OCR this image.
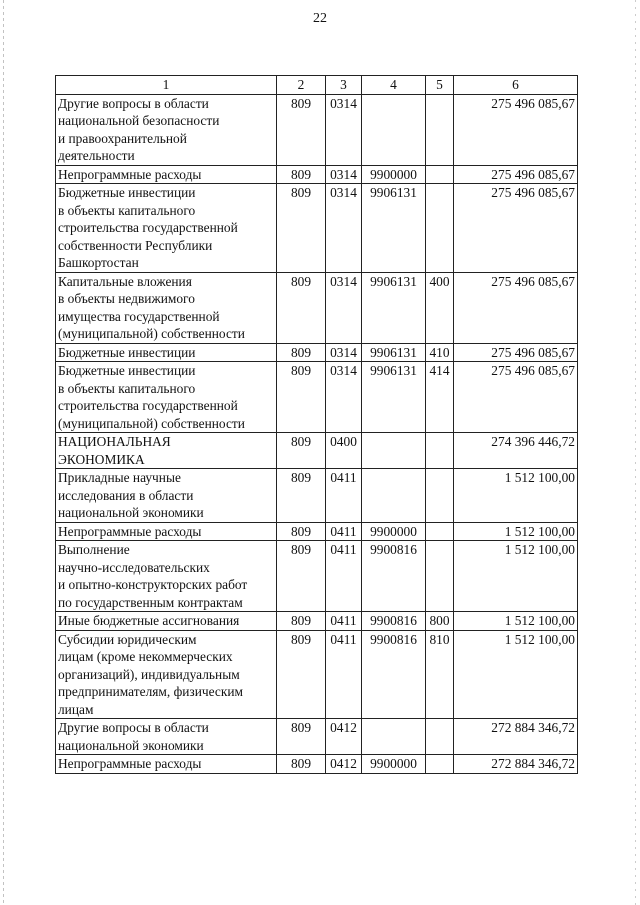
22
1	2	3	4	5	6
Другие вопросы в области
национальной безопасности
и правоохранительной
деятельности	809	0314			275 496 085,67
Непрограммные расходы	809	0314	9900000		275 496 085,67
Бюджетные инвестиции
в объекты капитального
строительства государственной
собственности Республики
Башкортостан	809	0314	9906131		275 496 085,67
Капитальные вложения
в объекты недвижимого
имущества государственной
(муниципальной) собственности	809	0314	9906131	400	275 496 085,67
Бюджетные инвестиции	809	0314	9906131	410	275 496 085,67
Бюджетные инвестиции
в объекты капитального
строительства государственной
(муниципальной) собственности	809	0314	9906131	414	275 496 085,67
НАЦИОНАЛЬНАЯ
ЭКОНОМИКА	809	0400			274 396 446,72
Прикладные научные
исследования в области
национальной экономики	809	0411			1 512 100,00
Непрограммные расходы	809	0411	9900000		1 512 100,00
Выполнение
научно-исследовательских
и опытно-конструкторских работ
по государственным контрактам	809	0411	9900816		1 512 100,00
Иные бюджетные ассигнования	809	0411	9900816	800	1 512 100,00
Субсидии юридическим
лицам (кроме некоммерческих
организаций), индивидуальным
предпринимателям, физическим
лицам	809	0411	9900816	810	1 512 100,00
Другие вопросы в области
национальной экономики	809	0412			272 884 346,72
Непрограммные расходы	809	0412	9900000		272 884 346,72
